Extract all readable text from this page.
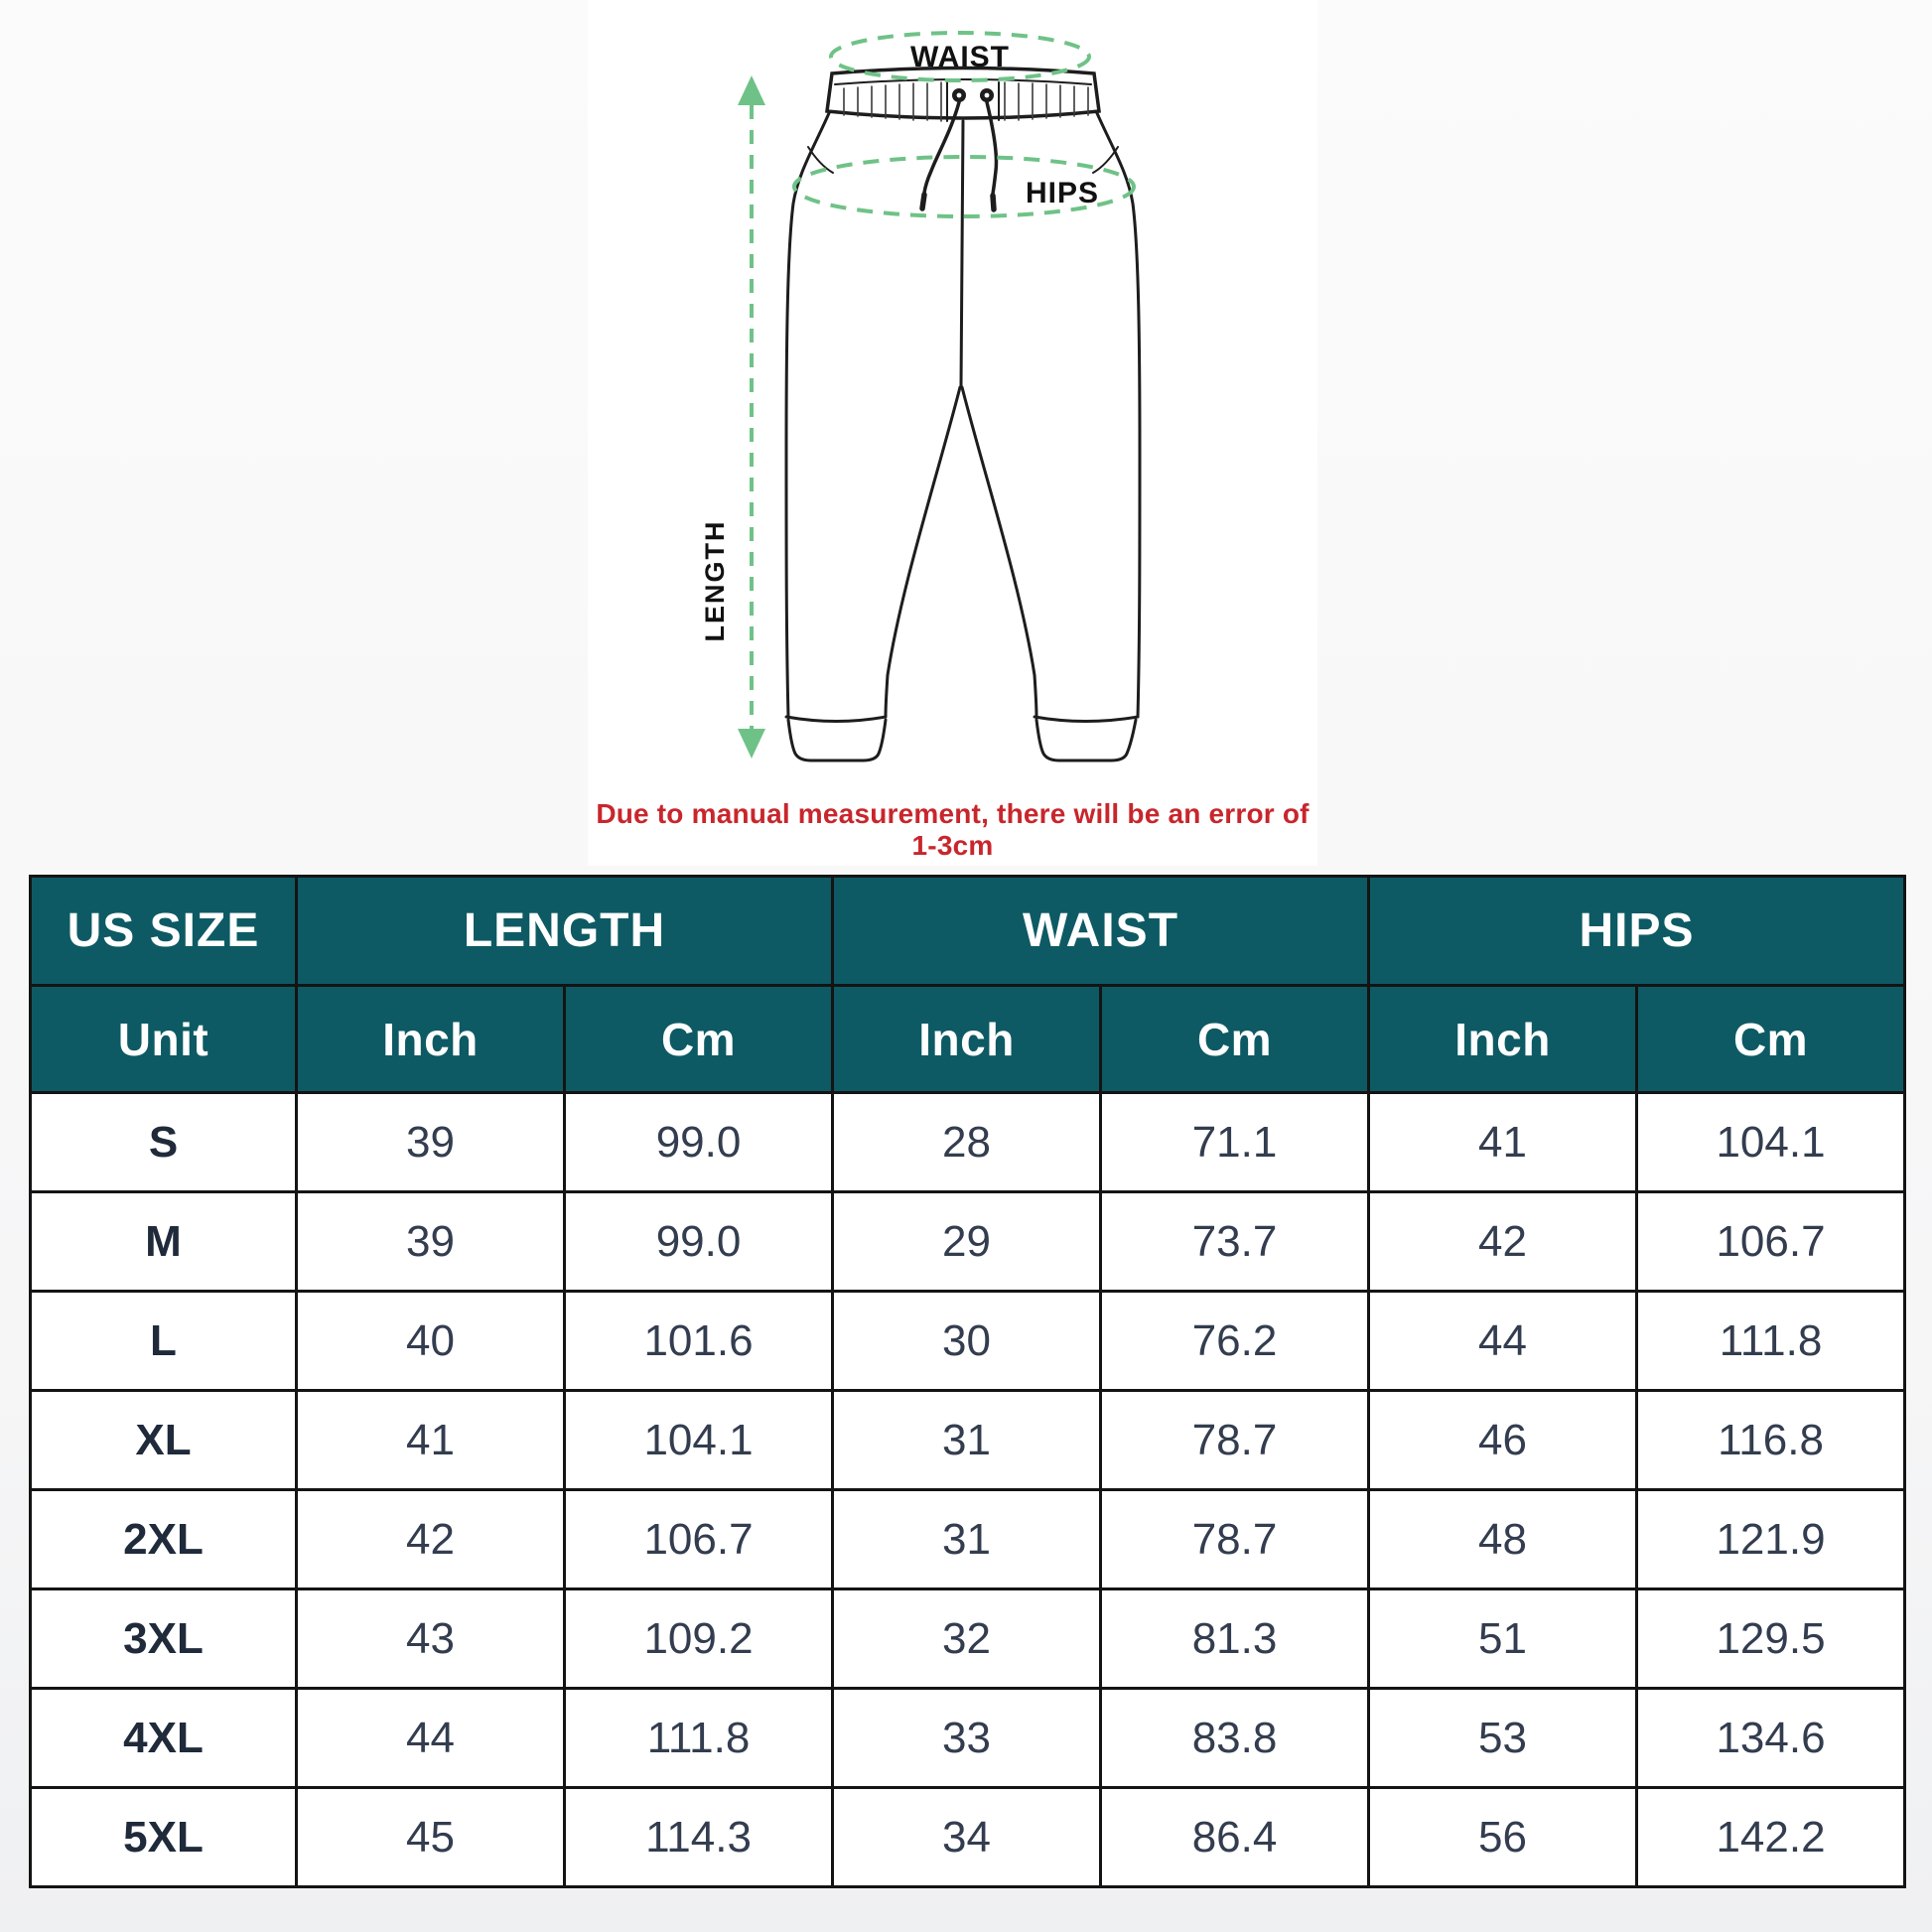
WAIST
HIPS
LENGTH
Due to manual measurement, there will be an error of 1-3cm
US SIZE	LENGTH		WAIST		HIPS	
Unit	Inch	Cm	Inch	Cm	Inch	Cm
S	39	99.0	28	71.1	41	104.1
M	39	99.0	29	73.7	42	106.7
L	40	101.6	30	76.2	44	111.8
XL	41	104.1	31	78.7	46	116.8
2XL	42	106.7	31	78.7	48	121.9
3XL	43	109.2	32	81.3	51	129.5
4XL	44	111.8	33	83.8	53	134.6
5XL	45	114.3	34	86.4	56	142.2
